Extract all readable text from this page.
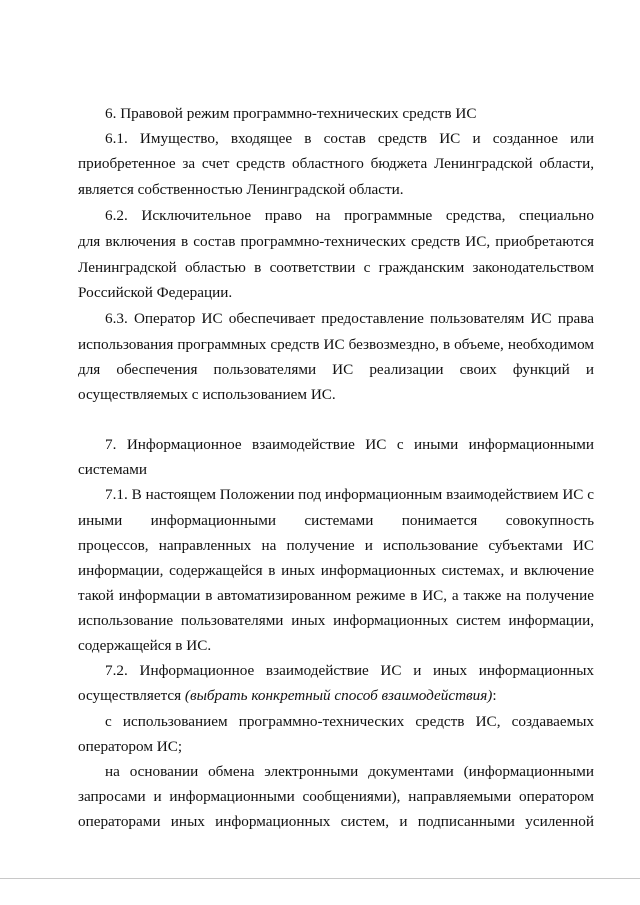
6. Правовой режим программно-технических средств ИС
6.1. Имущество, входящее в состав средств ИС и созданное или
приобретенное за счет средств областного бюджета Ленинградской области,
является собственностью Ленинградской области.
6.2. Исключительное право на программные средства, специально
для включения в состав программно-технических средств ИС, приобретаются
Ленинградской областью в соответствии с гражданским законодательством
Российской Федерации.
6.3. Оператор ИС обеспечивает предоставление пользователям ИС права
использования программных средств ИС безвозмездно, в объеме, необходимом
для обеспечения пользователями ИС реализации своих функций и
осуществляемых с использованием ИС.
7. Информационное взаимодействие ИС с иными информационными
системами
7.1. В настоящем Положении под информационным взаимодействием ИС с
иными информационными системами понимается совокупность
процессов, направленных на получение и использование субъектами ИС
информации, содержащейся в иных информационных системах, и включение
такой информации в автоматизированном режиме в ИС, а также на получение
использование пользователями иных информационных систем информации,
содержащейся в ИС.
7.2. Информационное взаимодействие ИС и иных информационных
осуществляется (выбрать конкретный способ взаимодействия):
с использованием программно-технических средств ИС, создаваемых
оператором ИС;
на основании обмена электронными документами (информационными
запросами и информационными сообщениями), направляемыми оператором
операторами иных информационных систем, и подписанными усиленной
